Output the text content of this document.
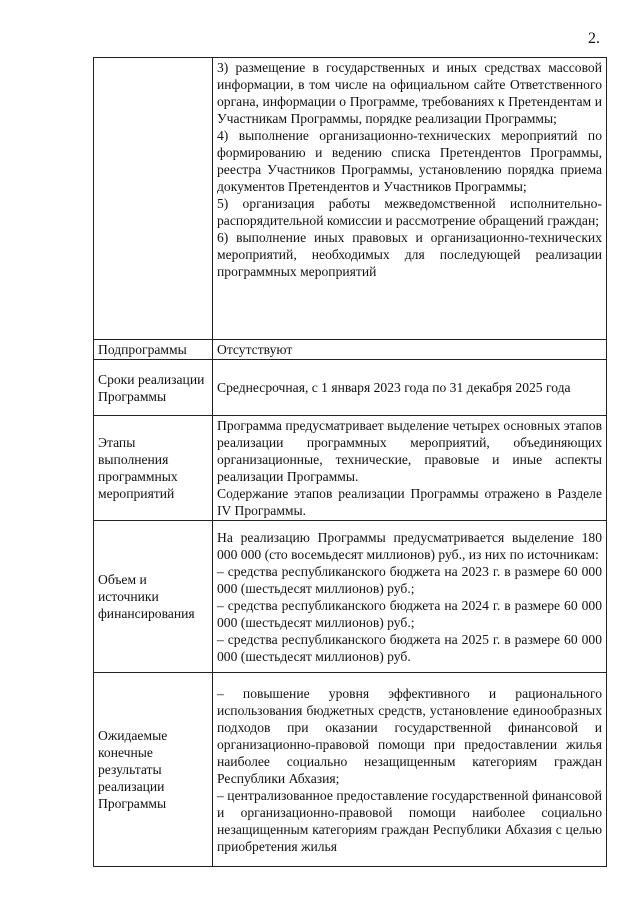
2.

	3) размещение в государственных и иных средствах массовой информации, в том числе на официальном сайте Ответственного органа, информации о Программе, требованиях к Претендентам и Участникам Программы, порядке реализации Программы;
4) выполнение организационно-технических мероприятий по формированию и ведению списка Претендентов Программы, реестра Участников Программы, установлению порядка приема документов Претендентов и Участников Программы;
5) организация работы межведомственной исполнительно-распорядительной комиссии и рассмотрение обращений граждан;
6) выполнение иных правовых и организационно-технических мероприятий, необходимых для последующей реализации программных мероприятий

Подпрограммы	Отсутствуют

Сроки реализации Программы	Среднесрочная, с 1 января 2023 года по 31 декабря 2025 года

Этапы выполнения программных мероприятий	Программа предусматривает выделение четырех основных этапов реализации программных мероприятий, объединяющих организационные, технические, правовые и иные аспекты реализации Программы.
Содержание этапов реализации Программы отражено в Разделе IV Программы.

Объем и источники финансирования	На реализацию Программы предусматривается выделение 180 000 000 (сто восемьдесят миллионов) руб., из них по источникам:
– средства республиканского бюджета на 2023 г. в размере 60 000 000 (шестьдесят миллионов) руб.;
– средства республиканского бюджета на 2024 г. в размере 60 000 000 (шестьдесят миллионов) руб.;
– средства республиканского бюджета на 2025 г. в размере 60 000 000 (шестьдесят миллионов) руб.

Ожидаемые конечные результаты реализации Программы	– повышение уровня эффективного и рационального использования бюджетных средств, установление единообразных подходов при оказании государственной финансовой и организационно-правовой помощи при предоставлении жилья наиболее социально незащищенным категориям граждан Республики Абхазия;
– централизованное предоставление государственной финансовой и организационно-правовой помощи наиболее социально незащищенным категориям граждан Республики Абхазия с целью приобретения жилья
